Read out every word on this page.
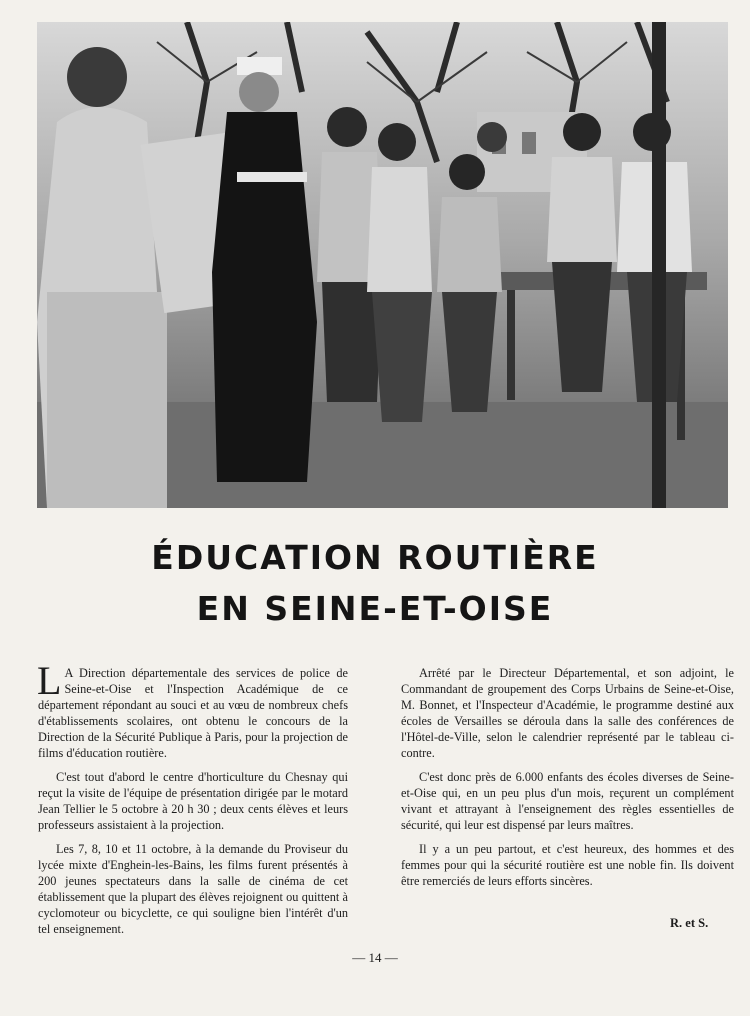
ÉDUCATION ROUTIÈRE
EN SEINE-ET-OISE

L A Direction départementale des services de police de Seine-et-Oise et l'Inspection Académique de ce département répondant au souci et au vœu de nombreux chefs d'établissements scolaires, ont obtenu le concours de la Direction de la Sécurité Publique à Paris, pour la projection de films d'éducation routière.

C'est tout d'abord le centre d'horticulture du Chesnay qui reçut la visite de l'équipe de présentation dirigée par le motard Jean Tellier le 5 octobre à 20 h 30 ; deux cents élèves et leurs professeurs assistaient à la projection.

Les 7, 8, 10 et 11 octobre, à la demande du Proviseur du lycée mixte d'Enghein-les-Bains, les films furent présentés à 200 jeunes spectateurs dans la salle de cinéma de cet établissement que la plupart des élèves rejoignent ou quittent à cyclomoteur ou bicyclette, ce qui souligne bien l'intérêt d'un tel enseignement.

Arrêté par le Directeur Départemental, et son adjoint, le Commandant de groupement des Corps Urbains de Seine-et-Oise, M. Bonnet, et l'Inspecteur d'Académie, le programme destiné aux écoles de Versailles se déroula dans la salle des conférences de l'Hôtel-de-Ville, selon le calendrier représenté par le tableau ci-contre.

C'est donc près de 6.000 enfants des écoles diverses de Seine-et-Oise qui, en un peu plus d'un mois, reçurent un complément vivant et attrayant à l'enseignement des règles essentielles de sécurité, qui leur est dispensé par leurs maîtres.

Il y a un peu partout, et c'est heureux, des hommes et des femmes pour qui la sécurité routière est une noble fin. Ils doivent être remerciés de leurs efforts sincères.

R. et S.
— 14 —
